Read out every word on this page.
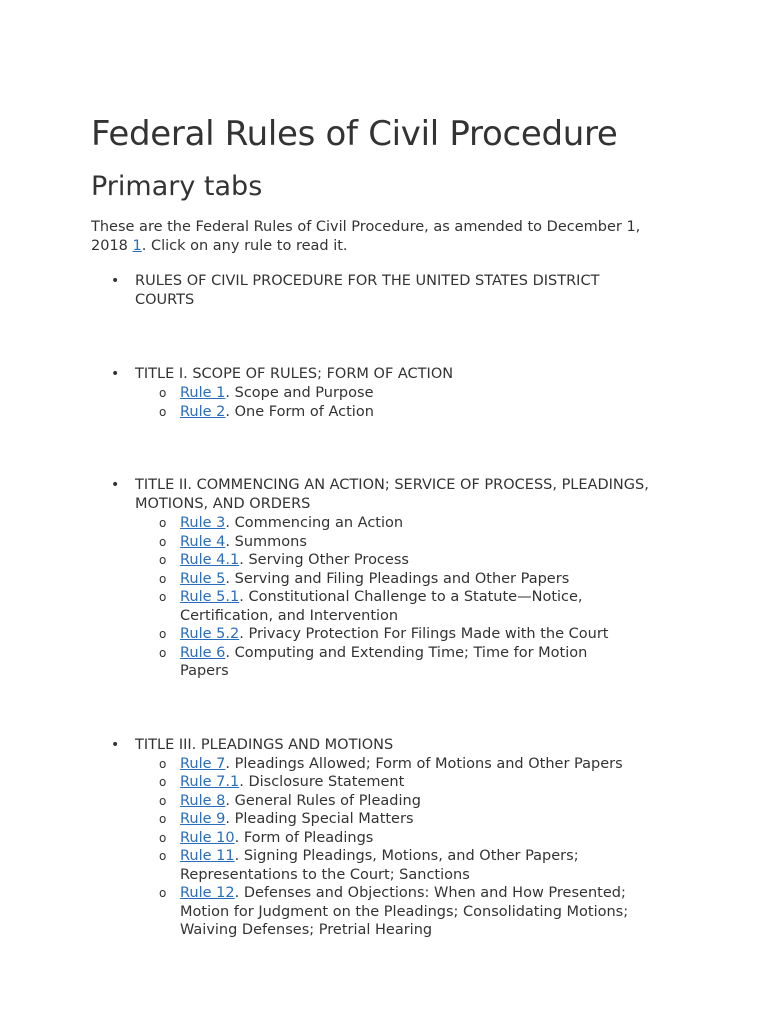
Federal Rules of Civil Procedure
Primary tabs

These are the Federal Rules of Civil Procedure, as amended to December 1, 2018 1. Click on any rule to read it.

• RULES OF CIVIL PROCEDURE FOR THE UNITED STATES DISTRICT COURTS
• TITLE I. SCOPE OF RULES; FORM OF ACTION
o Rule 1. Scope and Purpose
o Rule 2. One Form of Action
• TITLE II. COMMENCING AN ACTION; SERVICE OF PROCESS, PLEADINGS, MOTIONS, AND ORDERS
o Rule 3. Commencing an Action
o Rule 4. Summons
o Rule 4.1. Serving Other Process
o Rule 5. Serving and Filing Pleadings and Other Papers
o Rule 5.1. Constitutional Challenge to a Statute—Notice, Certification, and Intervention
o Rule 5.2. Privacy Protection For Filings Made with the Court
o Rule 6. Computing and Extending Time; Time for Motion Papers
• TITLE III. PLEADINGS AND MOTIONS
o Rule 7. Pleadings Allowed; Form of Motions and Other Papers
o Rule 7.1. Disclosure Statement
o Rule 8. General Rules of Pleading
o Rule 9. Pleading Special Matters
o Rule 10. Form of Pleadings
o Rule 11. Signing Pleadings, Motions, and Other Papers; Representations to the Court; Sanctions
o Rule 12. Defenses and Objections: When and How Presented; Motion for Judgment on the Pleadings; Consolidating Motions; Waiving Defenses; Pretrial Hearing
